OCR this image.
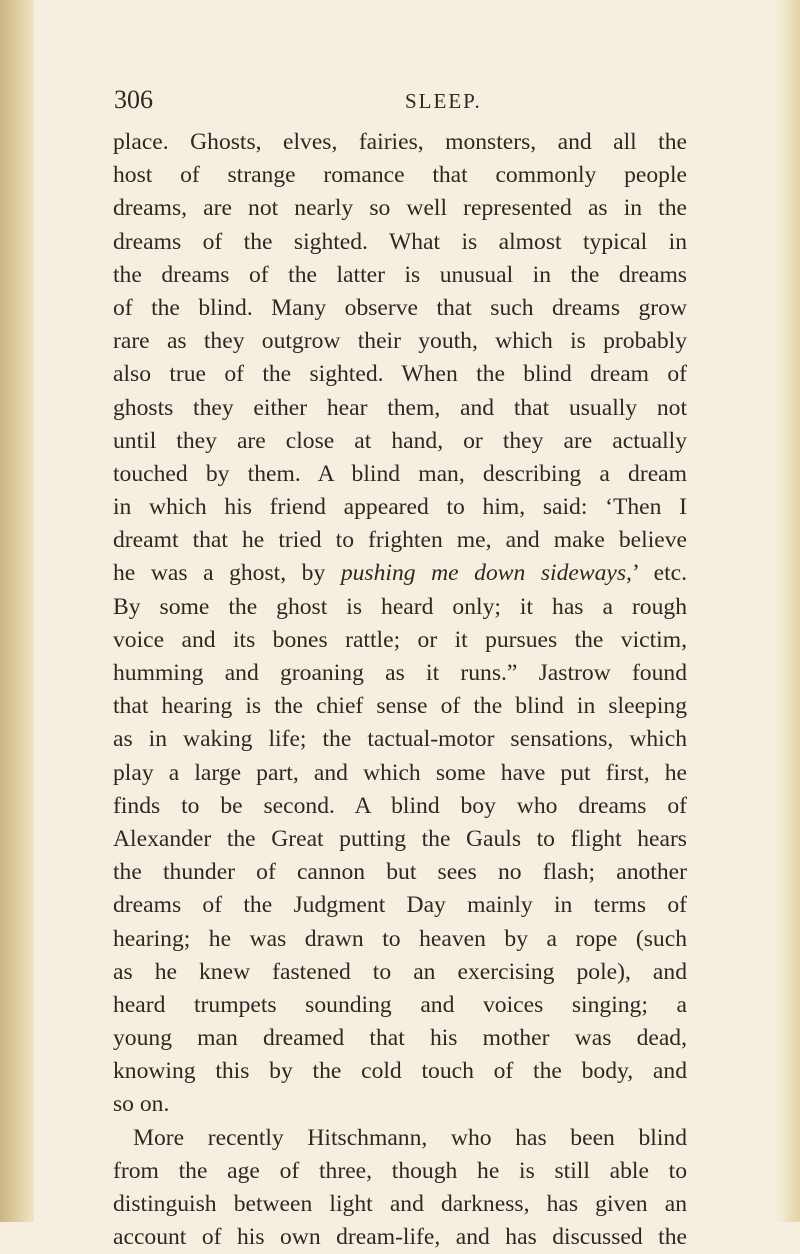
306	SLEEP.
place. Ghosts, elves, fairies, monsters, and all the
host of strange romance that commonly people
dreams, are not nearly so well represented as in the
dreams of the sighted. What is almost typical in
the dreams of the latter is unusual in the dreams
of the blind. Many observe that such dreams grow
rare as they outgrow their youth, which is probably
also true of the sighted. When the blind dream of
ghosts they either hear them, and that usually not
until they are close at hand, or they are actually
touched by them. A blind man, describing a dream
in which his friend appeared to him, said: ‘Then I
dreamt that he tried to frighten me, and make believe
he was a ghost, by pushing me down sideways,’ etc.
By some the ghost is heard only; it has a rough
voice and its bones rattle; or it pursues the victim,
humming and groaning as it runs.” Jastrow found
that hearing is the chief sense of the blind in sleeping
as in waking life; the tactual-motor sensations, which
play a large part, and which some have put first, he
finds to be second. A blind boy who dreams of
Alexander the Great putting the Gauls to flight hears
the thunder of cannon but sees no flash; another
dreams of the Judgment Day mainly in terms of
hearing; he was drawn to heaven by a rope (such
as he knew fastened to an exercising pole), and
heard trumpets sounding and voices singing; a
young man dreamed that his mother was dead,
knowing this by the cold touch of the body, and
so on.
More recently Hitschmann, who has been blind
from the age of three, though he is still able to
distinguish between light and darkness, has given an
account of his own dream-life, and has discussed the
